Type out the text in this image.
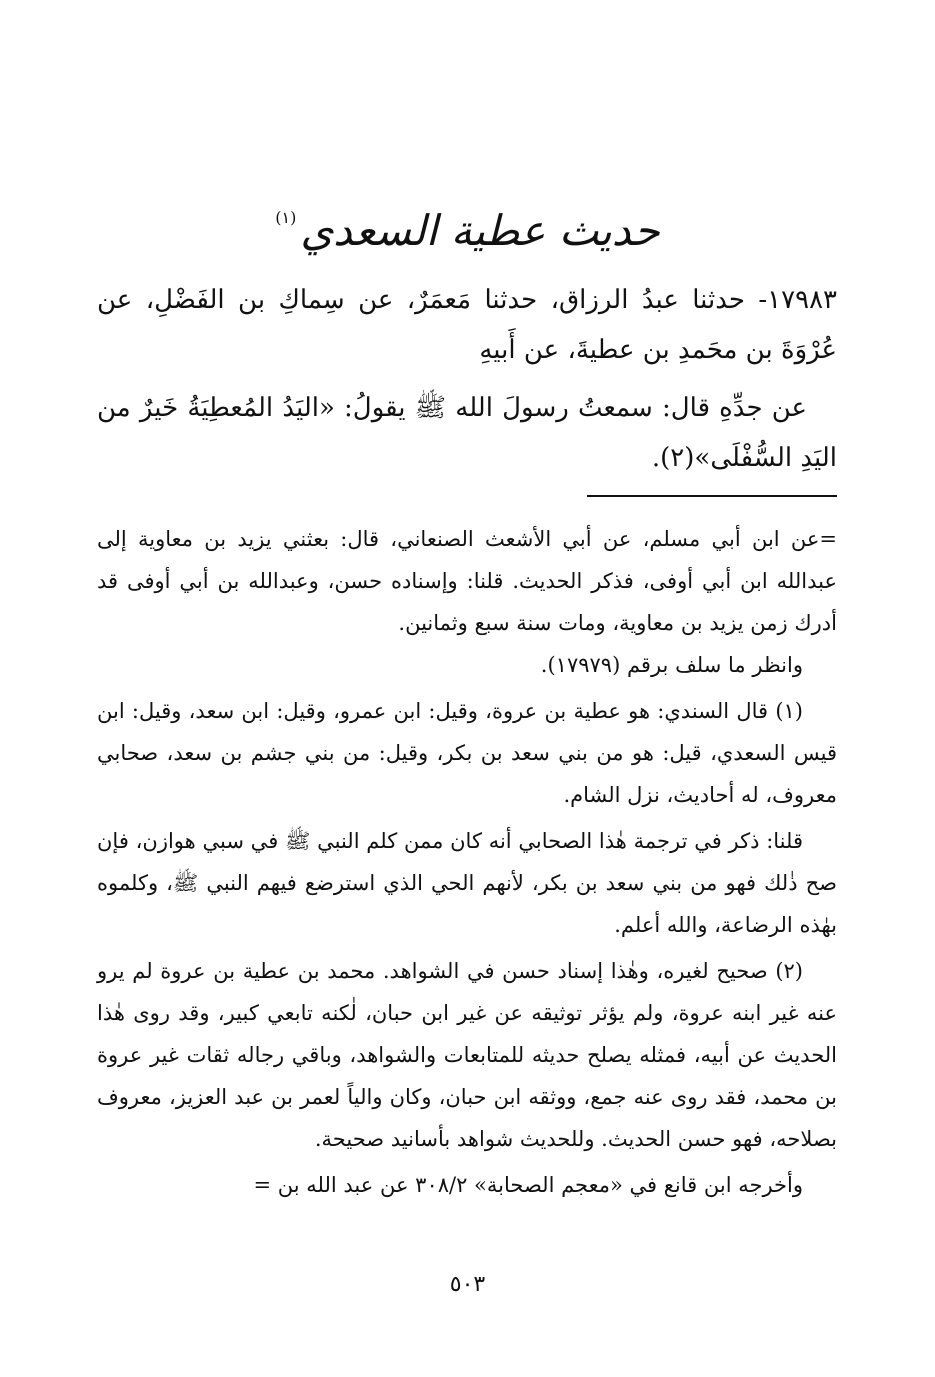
حديث عطية السعدي$^{(١)}$

١٧٩٨٣- حدثنا عبدُ الرزاق، حدثنا مَعمَرٌ، عن سِماكِ بن الفَضْلِ، عن عُرْوَةَ بن محَمدِ بن عطيةَ، عن أَبيهِ

عن جدِّهِ قال: سمعتُ رسولَ الله ﷺ يقولُ: «اليَدُ المُعطِيَةُ خَيرٌ من اليَدِ السُّفْلَى»(٢).

=عن ابن أبي مسلم، عن أبي الأشعث الصنعاني، قال: بعثني يزيد بن معاوية إلى عبدالله ابن أبي أوفى، فذكر الحديث. قلنا: وإسناده حسن، وعبدالله بن أبي أوفى قد أدرك زمن يزيد بن معاوية، ومات سنة سبع وثمانين.

وانظر ما سلف برقم (١٧٩٧٩).

(١) قال السندي: هو عطية بن عروة، وقيل: ابن عمرو، وقيل: ابن سعد، وقيل: ابن قيس السعدي، قيل: هو من بني سعد بن بكر، وقيل: من بني جشم بن سعد، صحابي معروف، له أحاديث، نزل الشام.

قلنا: ذكر في ترجمة هٰذا الصحابي أنه كان ممن كلم النبي ﷺ في سبي هوازن، فإن صح ذٰلك فهو من بني سعد بن بكر، لأنهم الحي الذي استرضع فيهم النبي ﷺ، وكلموه بهٰذه الرضاعة، والله أعلم.

(٢) صحيح لغيره، وهٰذا إسناد حسن في الشواهد. محمد بن عطية بن عروة لم يرو عنه غير ابنه عروة، ولم يؤثر توثيقه عن غير ابن حبان، لٰكنه تابعي كبير، وقد روى هٰذا الحديث عن أبيه، فمثله يصلح حديثه للمتابعات والشواهد، وباقي رجاله ثقات غير عروة بن محمد، فقد روى عنه جمع، ووثقه ابن حبان، وكان والياً لعمر بن عبد العزيز، معروف بصلاحه، فهو حسن الحديث. وللحديث شواهد بأسانيد صحيحة.

وأخرجه ابن قانع في «معجم الصحابة» ٣٠٨/٢ عن عبد الله بن =

٥٠٣
